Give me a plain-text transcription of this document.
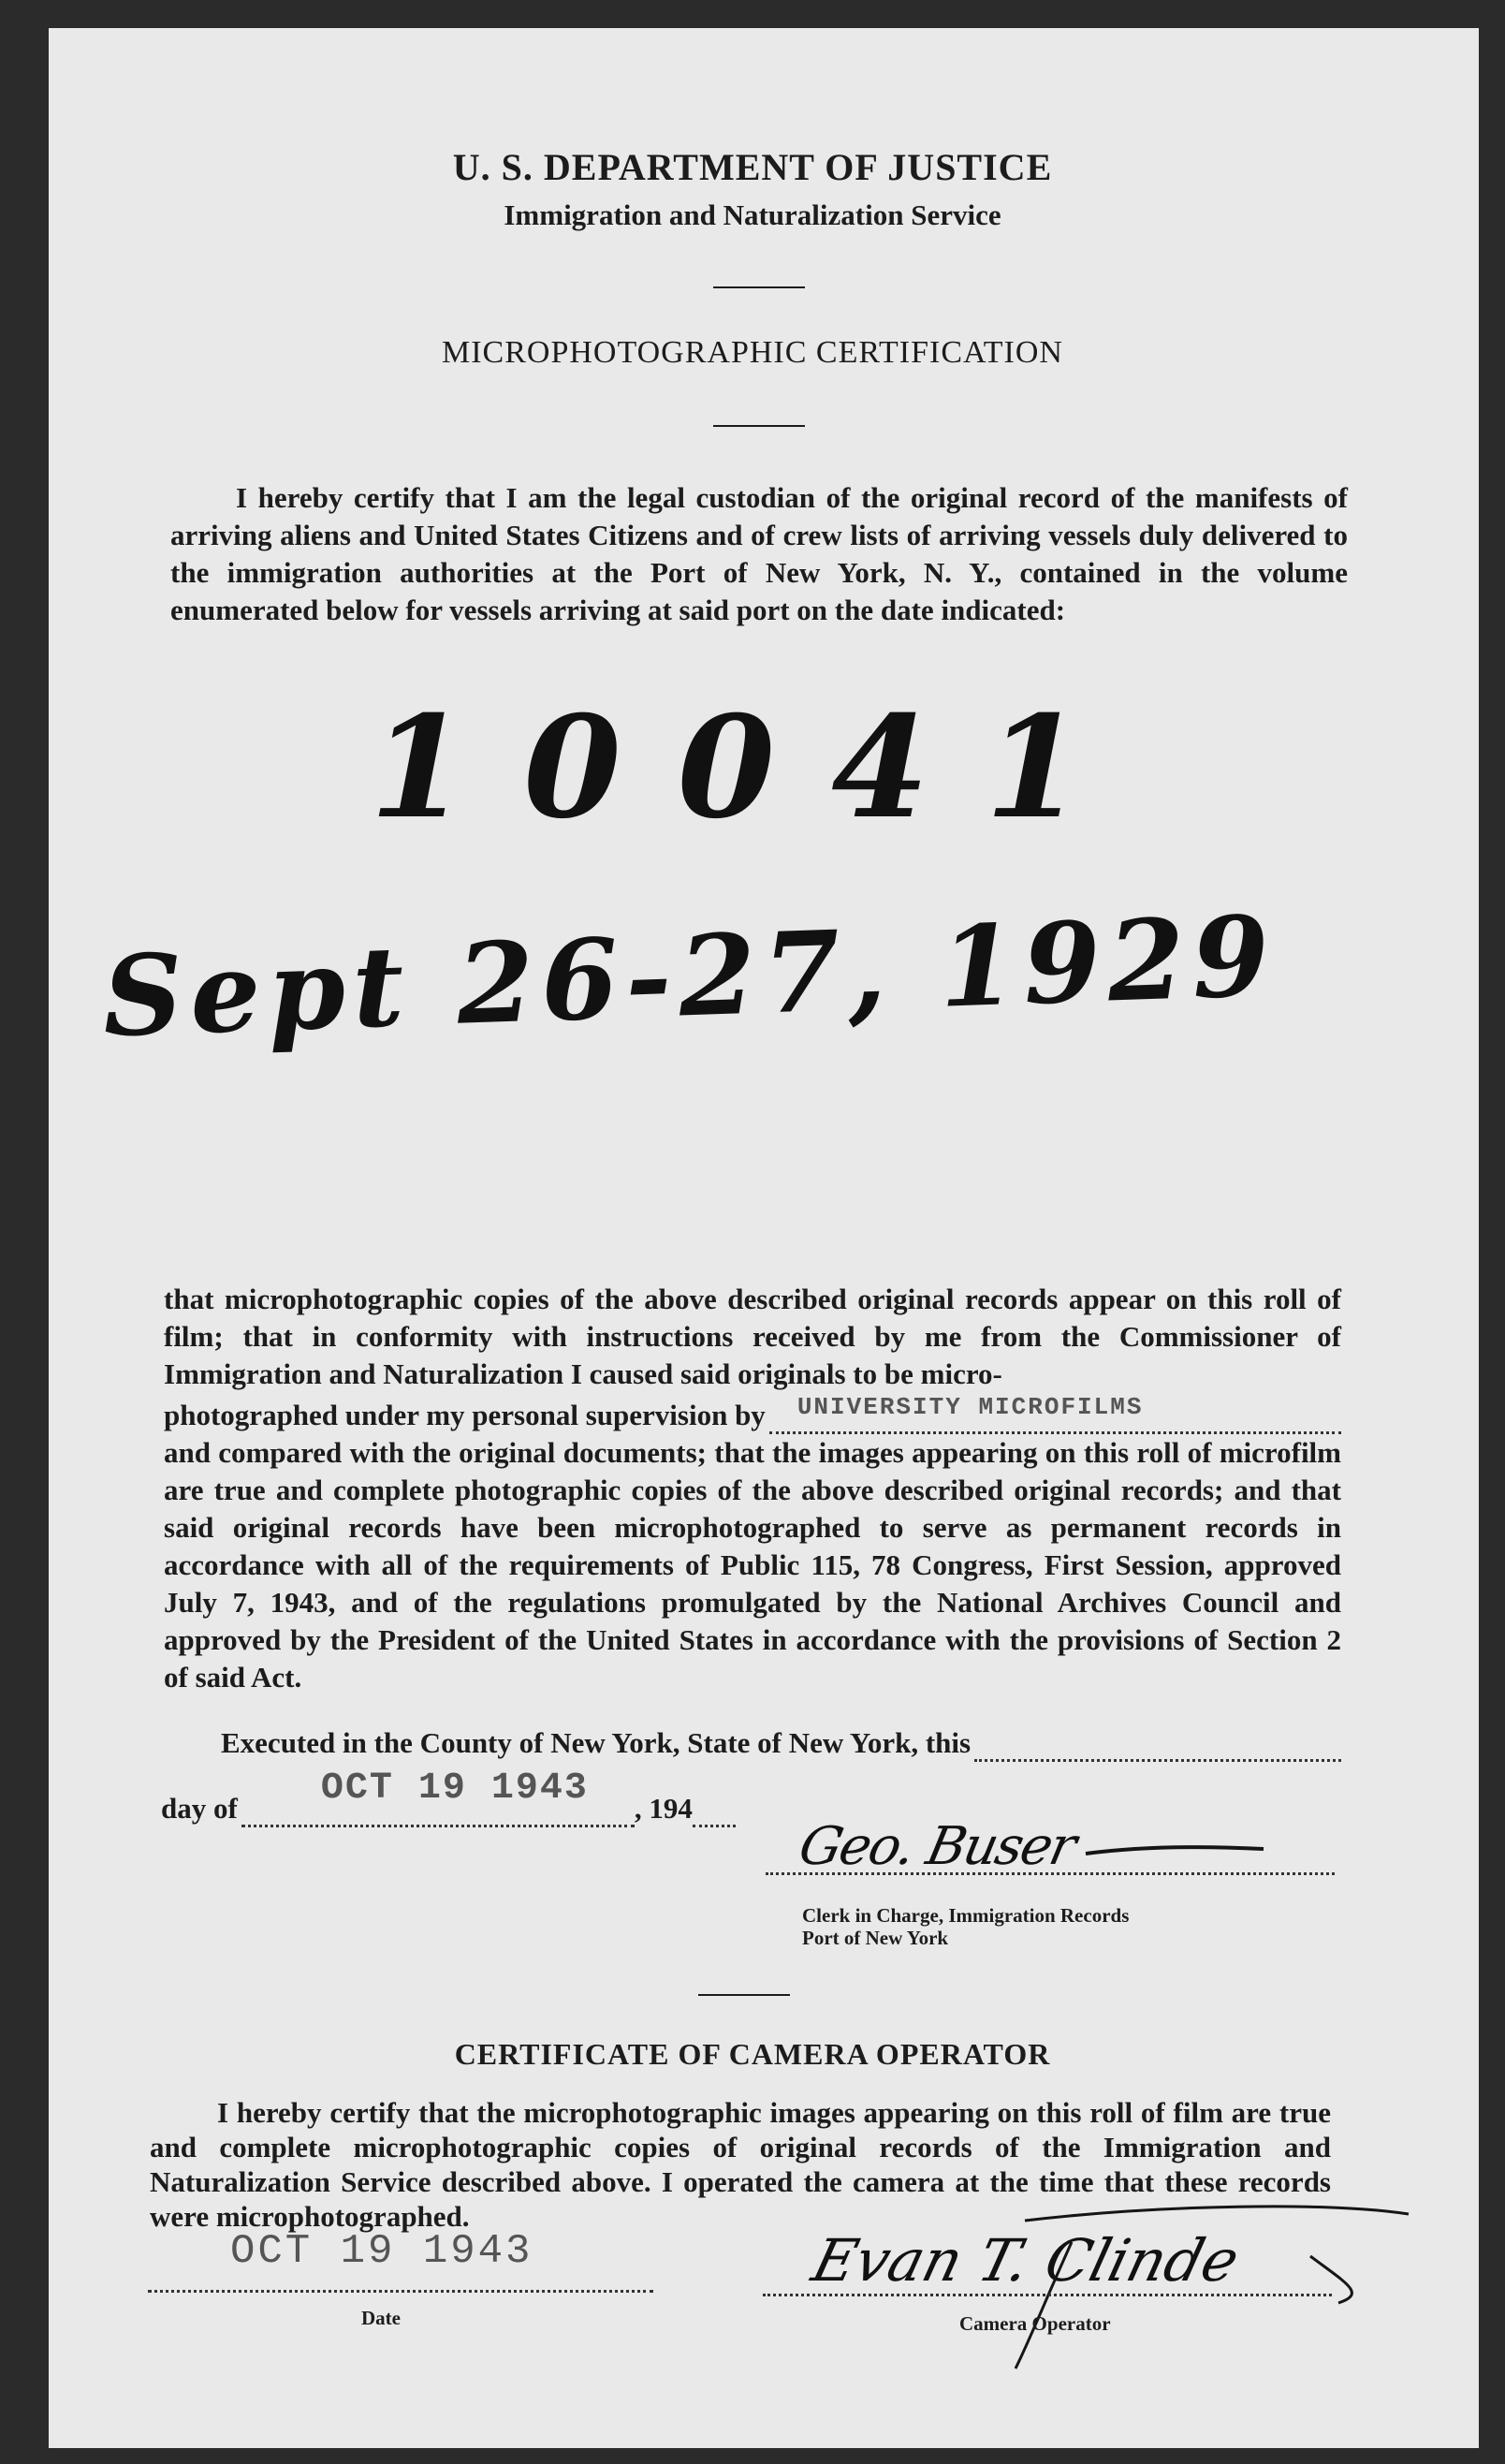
U. S. DEPARTMENT OF JUSTICE
Immigration and Naturalization Service
MICROPHOTOGRAPHIC CERTIFICATION

I hereby certify that I am the legal custodian of the original record of the manifests of arriving aliens and United States Citizens and of crew lists of arriving vessels duly delivered to the immigration authorities at the Port of New York, N. Y., contained in the volume enumerated below for vessels arriving at said port on the date indicated:

10041
Sept 26-27, 1929

that microphotographic copies of the above described original records appear on this roll of film; that in conformity with instructions received by me from the Commissioner of Immigration and Naturalization I caused said originals to be micro-

photographed under my personal supervision by UNIVERSITY MICROFILMS

and compared with the original documents; that the images appearing on this roll of microfilm are true and complete photographic copies of the above described original records; and that said original records have been microphotographed to serve as permanent records in accordance with all of the requirements of Public 115, 78 Congress, First Session, approved July 7, 1943, and of the regulations promulgated by the National Archives Council and approved by the President of the United States in accordance with the provisions of Section 2 of said Act.

Executed in the County of New York, State of New York, this
day of OCT 19 1943 , 194
Geo. Buser
Clerk in Charge, Immigration Records
Port of New York
CERTIFICATE OF CAMERA OPERATOR

I hereby certify that the microphotographic images appearing on this roll of film are true and complete microphotographic copies of original records of the Immigration and Naturalization Service described above. I operated the camera at the time that these records were microphotographed.

OCT 19 1943
Date
Evan T. Clinde
Camera Operator
